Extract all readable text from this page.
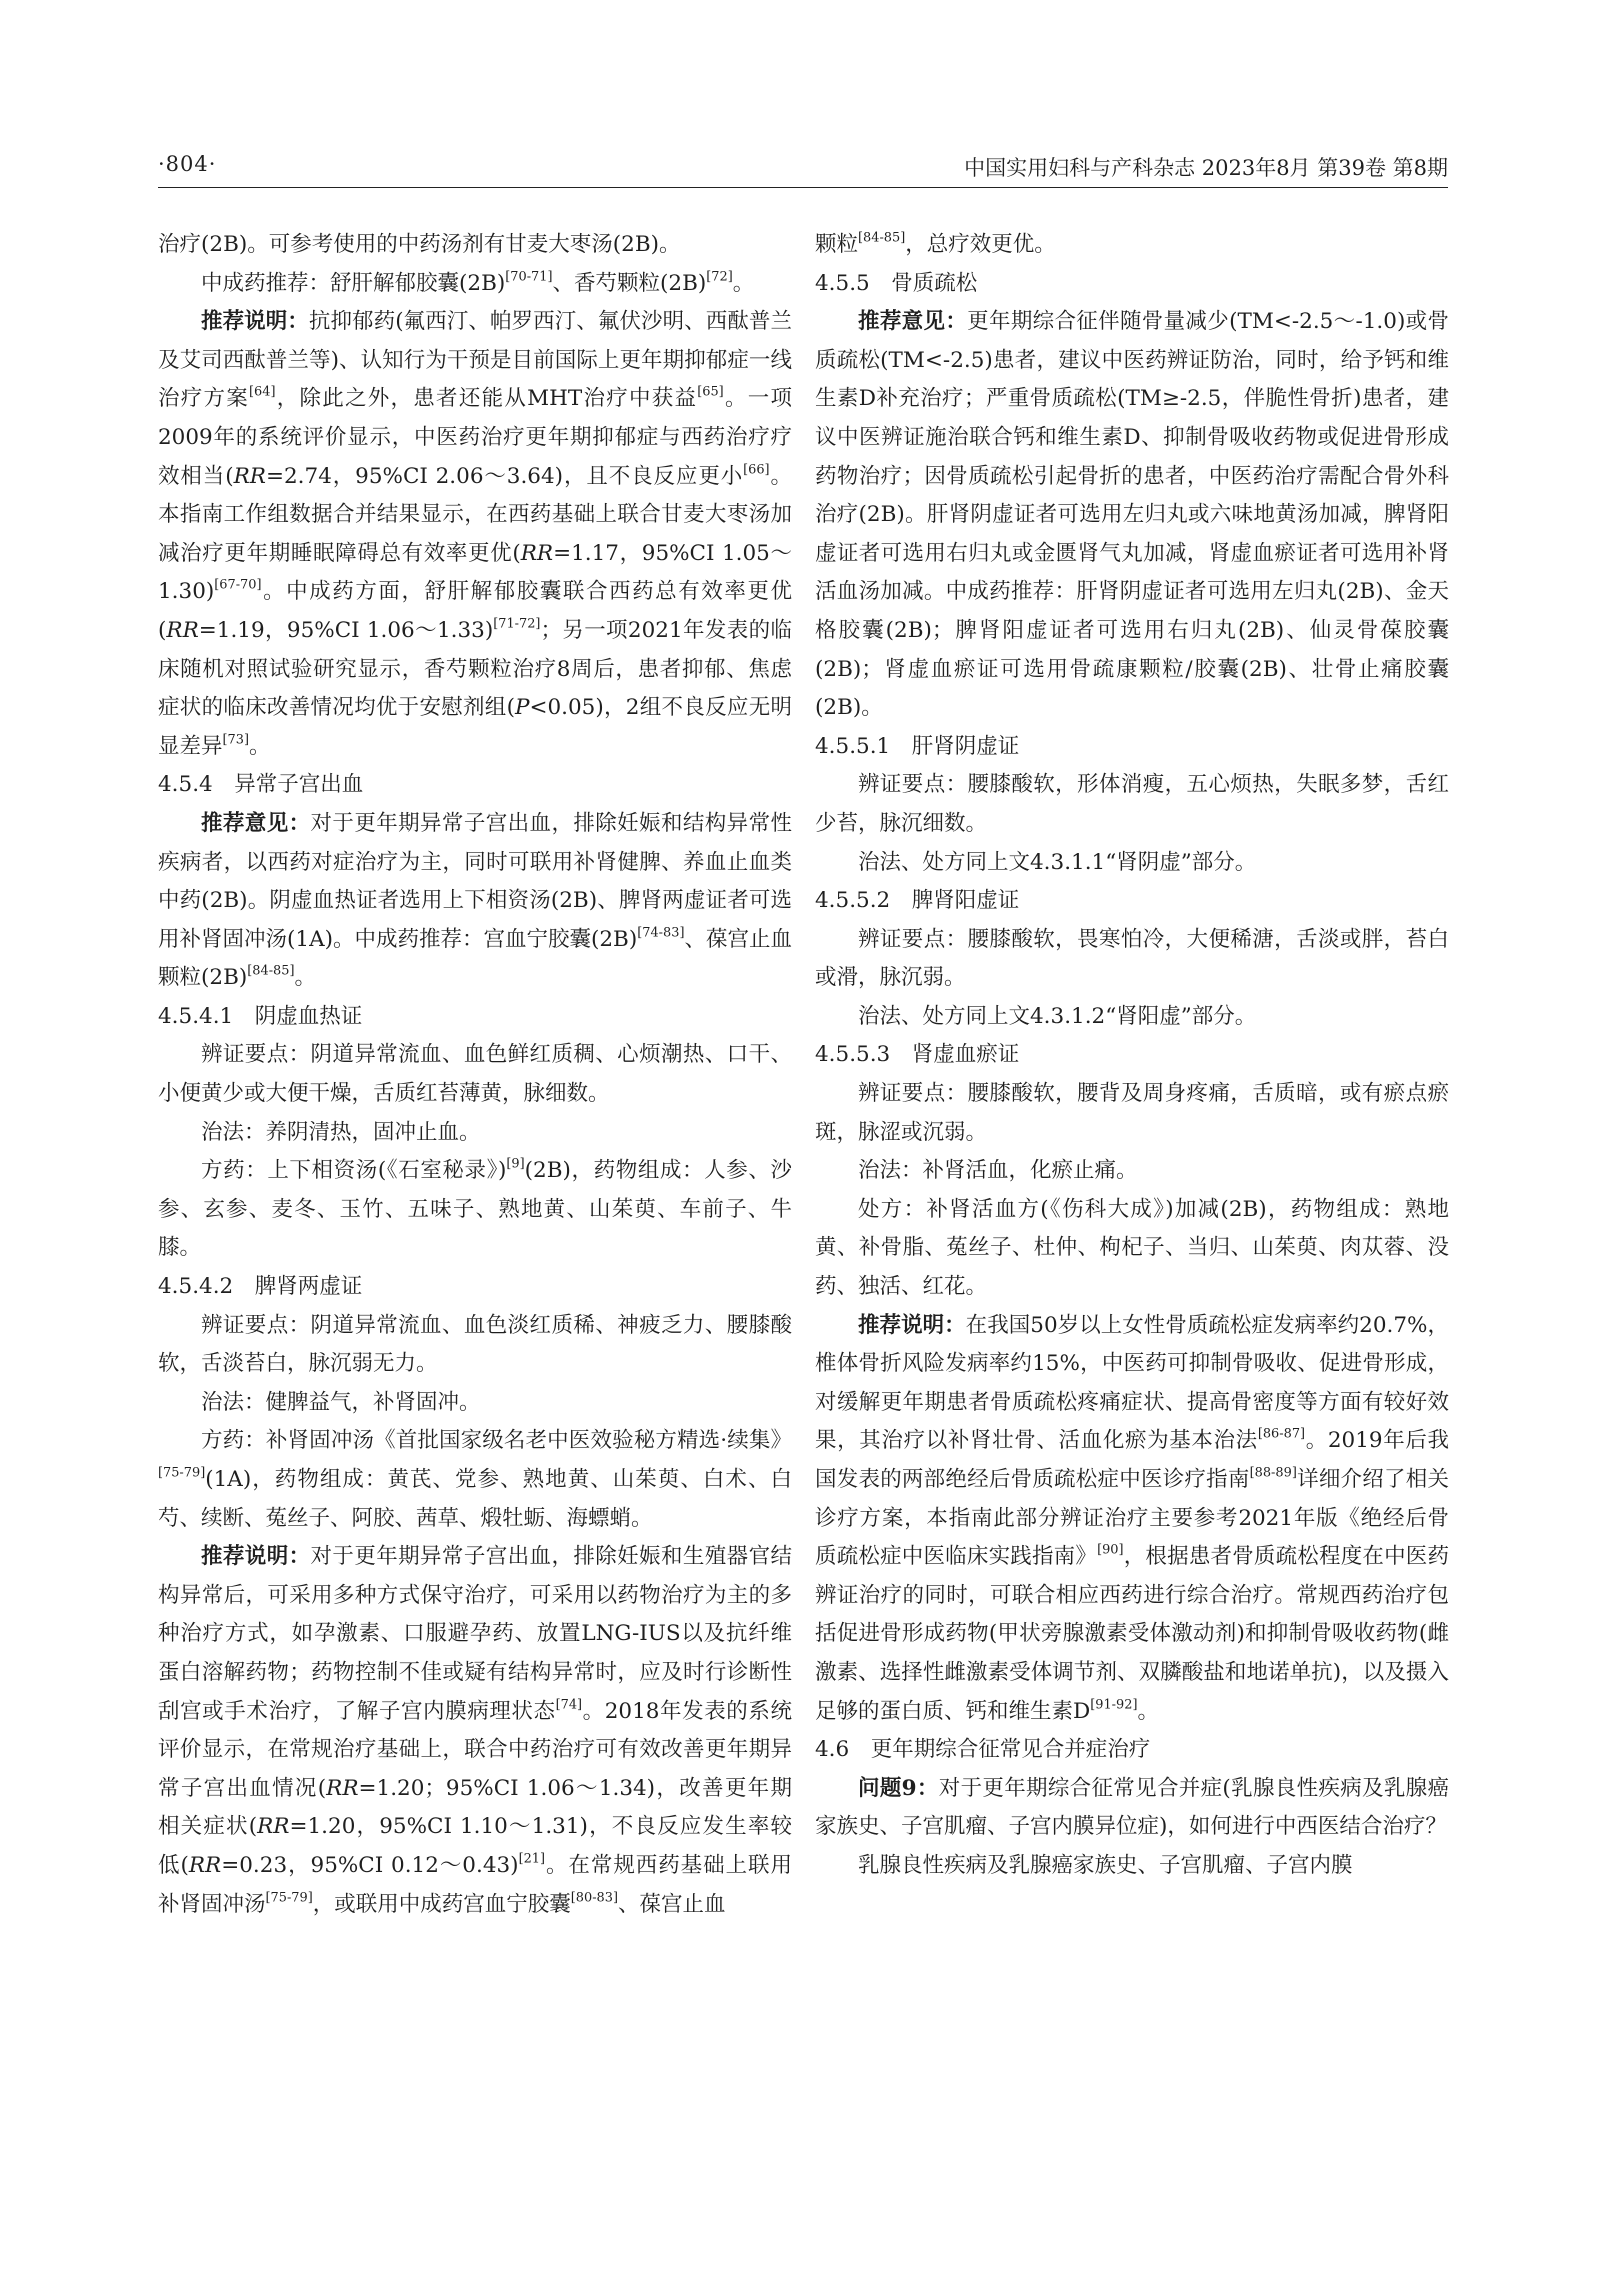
·804·	中国实用妇科与产科杂志 2023年8月 第39卷 第8期

治疗(2B)。可参考使用的中药汤剂有甘麦大枣汤(2B)。

中成药推荐：舒肝解郁胶囊(2B)[70-71]、香芍颗粒(2B)[72]。

推荐说明：抗抑郁药(氟西汀、帕罗西汀、氟伏沙明、西酞普兰及艾司西酞普兰等)、认知行为干预是目前国际上更年期抑郁症一线治疗方案[64]，除此之外，患者还能从MHT治疗中获益[65]。一项2009年的系统评价显示，中医药治疗更年期抑郁症与西药治疗疗效相当(RR=2.74，95%CI 2.06～3.64)，且不良反应更小[66]。本指南工作组数据合并结果显示，在西药基础上联合甘麦大枣汤加减治疗更年期睡眠障碍总有效率更优(RR=1.17，95%CI 1.05～1.30)[67-70]。中成药方面，舒肝解郁胶囊联合西药总有效率更优(RR=1.19，95%CI 1.06～1.33)[71-72]；另一项2021年发表的临床随机对照试验研究显示，香芍颗粒治疗8周后，患者抑郁、焦虑症状的临床改善情况均优于安慰剂组(P<0.05)，2组不良反应无明显差异[73]。

4.5.4　异常子宫出血

推荐意见：对于更年期异常子宫出血，排除妊娠和结构异常性疾病者，以西药对症治疗为主，同时可联用补肾健脾、养血止血类中药(2B)。阴虚血热证者选用上下相资汤(2B)、脾肾两虚证者可选用补肾固冲汤(1A)。中成药推荐：宫血宁胶囊(2B)[74-83]、葆宫止血颗粒(2B)[84-85]。

4.5.4.1　阴虚血热证

辨证要点：阴道异常流血、血色鲜红质稠、心烦潮热、口干、小便黄少或大便干燥，舌质红苔薄黄，脉细数。

治法：养阴清热，固冲止血。

方药：上下相资汤(《石室秘录》)[9](2B)，药物组成：人参、沙参、玄参、麦冬、玉竹、五味子、熟地黄、山茱萸、车前子、牛膝。

4.5.4.2　脾肾两虚证

辨证要点：阴道异常流血、血色淡红质稀、神疲乏力、腰膝酸软，舌淡苔白，脉沉弱无力。

治法：健脾益气，补肾固冲。

方药：补肾固冲汤《首批国家级名老中医效验秘方精选·续集》[75-79](1A)，药物组成：黄芪、党参、熟地黄、山茱萸、白术、白芍、续断、菟丝子、阿胶、茜草、煅牡蛎、海螵蛸。

推荐说明：对于更年期异常子宫出血，排除妊娠和生殖器官结构异常后，可采用多种方式保守治疗，可采用以药物治疗为主的多种治疗方式，如孕激素、口服避孕药、放置LNG-IUS以及抗纤维蛋白溶解药物；药物控制不佳或疑有结构异常时，应及时行诊断性刮宫或手术治疗，了解子宫内膜病理状态[74]。2018年发表的系统评价显示，在常规治疗基础上，联合中药治疗可有效改善更年期异常子宫出血情况(RR=1.20；95%CI 1.06～1.34)，改善更年期相关症状(RR=1.20，95%CI 1.10～1.31)，不良反应发生率较低(RR=0.23，95%CI 0.12～0.43)[21]。在常规西药基础上联用补肾固冲汤[75-79]，或联用中成药宫血宁胶囊[80-83]、葆宫止血

颗粒[84-85]，总疗效更优。

4.5.5　骨质疏松

推荐意见：更年期综合征伴随骨量减少(TM<-2.5～-1.0)或骨质疏松(TM<-2.5)患者，建议中医药辨证防治，同时，给予钙和维生素D补充治疗；严重骨质疏松(TM≥-2.5，伴脆性骨折)患者，建议中医辨证施治联合钙和维生素D、抑制骨吸收药物或促进骨形成药物治疗；因骨质疏松引起骨折的患者，中医药治疗需配合骨外科治疗(2B)。肝肾阴虚证者可选用左归丸或六味地黄汤加减，脾肾阳虚证者可选用右归丸或金匮肾气丸加减，肾虚血瘀证者可选用补肾活血汤加减。中成药推荐：肝肾阴虚证者可选用左归丸(2B)、金天格胶囊(2B)；脾肾阳虚证者可选用右归丸(2B)、仙灵骨葆胶囊(2B)；肾虚血瘀证可选用骨疏康颗粒/胶囊(2B)、壮骨止痛胶囊(2B)。

4.5.5.1　肝肾阴虚证

辨证要点：腰膝酸软，形体消瘦，五心烦热，失眠多梦，舌红少苔，脉沉细数。

治法、处方同上文4.3.1.1“肾阴虚”部分。

4.5.5.2　脾肾阳虚证

辨证要点：腰膝酸软，畏寒怕冷，大便稀溏，舌淡或胖，苔白或滑，脉沉弱。

治法、处方同上文4.3.1.2“肾阳虚”部分。

4.5.5.3　肾虚血瘀证

辨证要点：腰膝酸软，腰背及周身疼痛，舌质暗，或有瘀点瘀斑，脉涩或沉弱。

治法：补肾活血，化瘀止痛。

处方：补肾活血方(《伤科大成》)加减(2B)，药物组成：熟地黄、补骨脂、菟丝子、杜仲、枸杞子、当归、山茱萸、肉苁蓉、没药、独活、红花。

推荐说明：在我国50岁以上女性骨质疏松症发病率约20.7%，椎体骨折风险发病率约15%，中医药可抑制骨吸收、促进骨形成，对缓解更年期患者骨质疏松疼痛症状、提高骨密度等方面有较好效果，其治疗以补肾壮骨、活血化瘀为基本治法[86-87]。2019年后我国发表的两部绝经后骨质疏松症中医诊疗指南[88-89]详细介绍了相关诊疗方案，本指南此部分辨证治疗主要参考2021年版《绝经后骨质疏松症中医临床实践指南》[90]，根据患者骨质疏松程度在中医药辨证治疗的同时，可联合相应西药进行综合治疗。常规西药治疗包括促进骨形成药物(甲状旁腺激素受体激动剂)和抑制骨吸收药物(雌激素、选择性雌激素受体调节剂、双膦酸盐和地诺单抗)，以及摄入足够的蛋白质、钙和维生素D[91-92]。

4.6　更年期综合征常见合并症治疗

问题9：对于更年期综合征常见合并症(乳腺良性疾病及乳腺癌家族史、子宫肌瘤、子宫内膜异位症)，如何进行中西医结合治疗？

乳腺良性疾病及乳腺癌家族史、子宫肌瘤、子宫内膜
